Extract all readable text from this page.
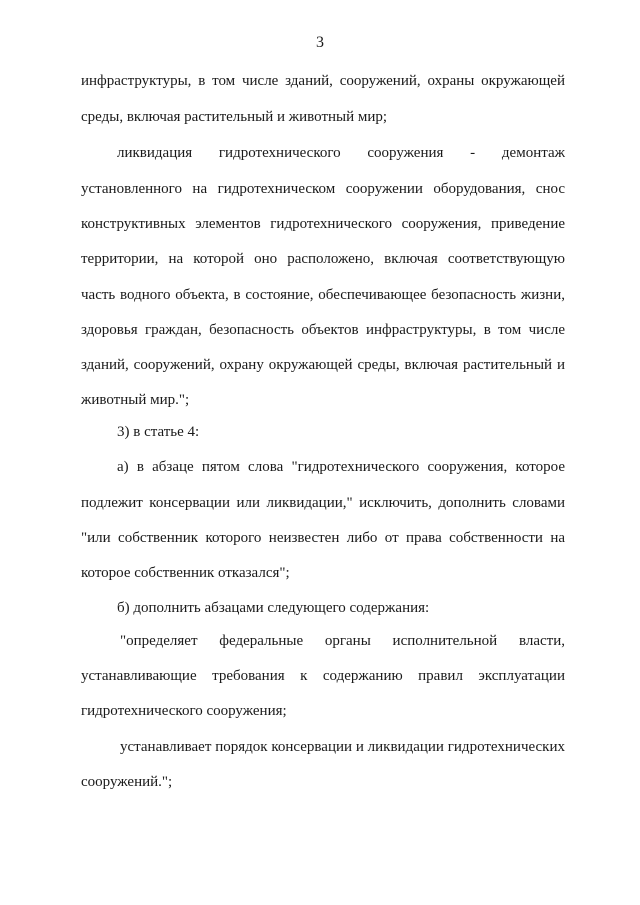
3
инфраструктуры, в том числе зданий, сооружений, охраны окружающей
среды, включая растительный и животный мир;
ликвидация гидротехнического сооружения - демонтаж
установленного на гидротехническом сооружении оборудования, снос
конструктивных элементов гидротехнического сооружения, приведение
территории, на которой оно расположено, включая соответствующую
часть водного объекта, в состояние, обеспечивающее безопасность жизни,
здоровья граждан, безопасность объектов инфраструктуры, в том числе
зданий, сооружений, охрану окружающей среды, включая растительный и
животный мир.";
3) в статье 4:
а) в абзаце пятом слова "гидротехнического сооружения, которое
подлежит консервации или ликвидации," исключить, дополнить словами
"или собственник которого неизвестен либо от права собственности на
которое собственник отказался";
б) дополнить абзацами следующего содержания:
"определяет федеральные органы исполнительной власти,
устанавливающие требования к содержанию правил эксплуатации
гидротехнического сооружения;
устанавливает порядок консервации и ликвидации гидротехнических
сооружений.";
